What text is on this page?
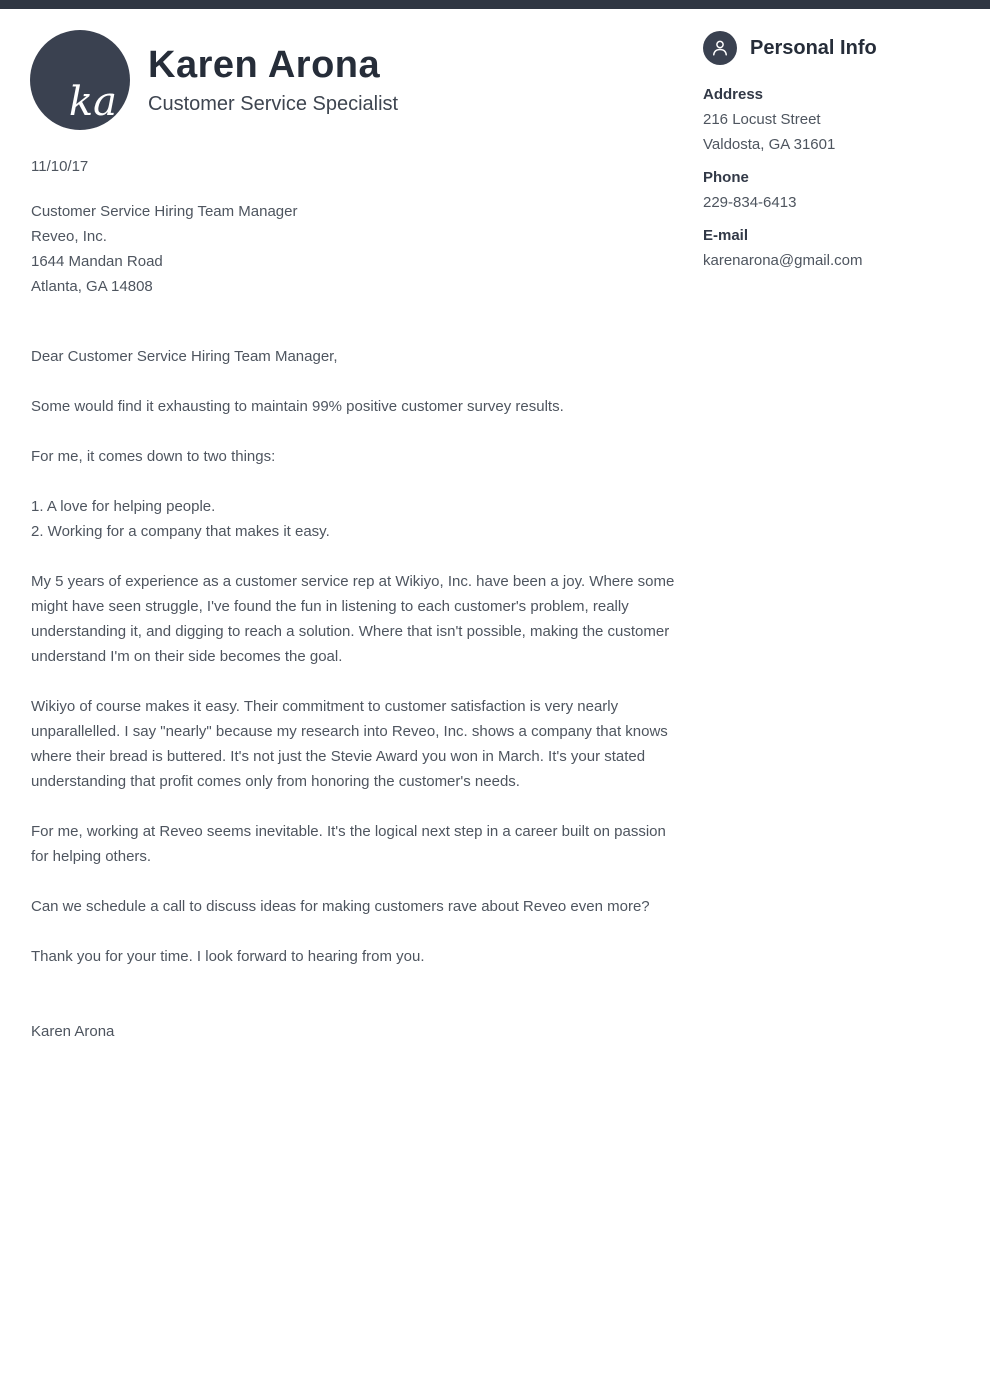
ka
Karen Arona
Customer Service Specialist
Personal Info
Address
216 Locust Street
Valdosta, GA 31601
Phone
229-834-6413
E-mail
karenarona@gmail.com

11/10/17

Customer Service Hiring Team Manager
Reveo, Inc.
1644 Mandan Road
Atlanta, GA 14808

Dear Customer Service Hiring Team Manager,

Some would find it exhausting to maintain 99% positive customer survey results.

For me, it comes down to two things:

1. A love for helping people.
2. Working for a company that makes it easy.

My 5 years of experience as a customer service rep at Wikiyo, Inc. have been a joy. Where some might have seen struggle, I've found the fun in listening to each customer's problem, really understanding it, and digging to reach a solution. Where that isn't possible, making the customer understand I'm on their side becomes the goal.

Wikiyo of course makes it easy. Their commitment to customer satisfaction is very nearly unparallelled. I say "nearly" because my research into Reveo, Inc. shows a company that knows where their bread is buttered. It's not just the Stevie Award you won in March. It's your stated understanding that profit comes only from honoring the customer's needs.

For me, working at Reveo seems inevitable. It's the logical next step in a career built on passion for helping others.

Can we schedule a call to discuss ideas for making customers rave about Reveo even more?

Thank you for your time. I look forward to hearing from you.

Karen Arona
